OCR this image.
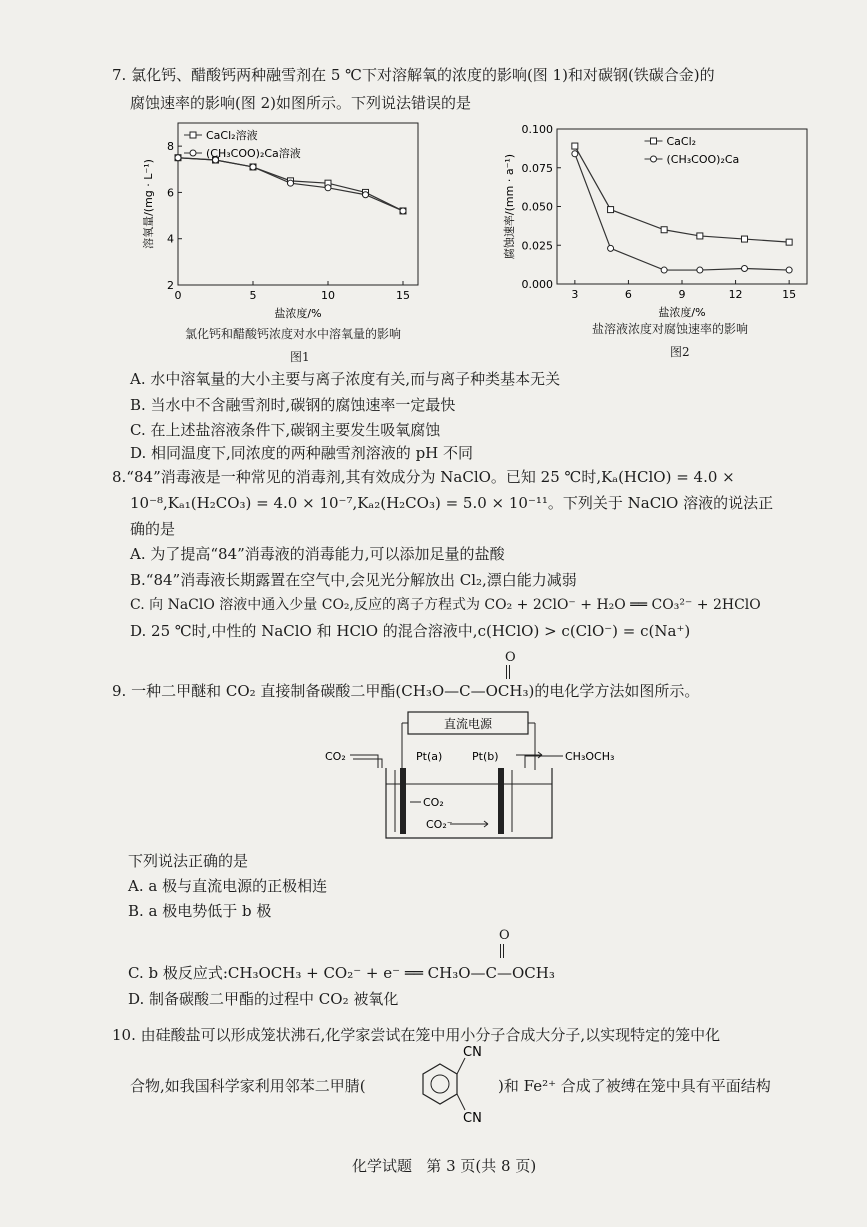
7. 氯化钙、醋酸钙两种融雪剂在 5 ℃下对溶解氧的浓度的影响(图 1)和对碳钢(铁碳合金)的
腐蚀速率的影响(图 2)如图所示。下列说法错误的是
0	5	10	15
2
4
6
8
盐浓度/%
溶氧量/(mg · L⁻¹)
CaCl₂溶液
(CH₃COO)₂Ca溶液
氯化钙和醋酸钙浓度对水中溶氧量的影响
图1
3	6	9	12	15
0.000
0.025
0.050
0.075
0.100
盐浓度/%
腐蚀速率/(mm · a⁻¹)
CaCl₂
(CH₃COO)₂Ca
盐溶液浓度对腐蚀速率的影响
图2
A. 水中溶氧量的大小主要与离子浓度有关,而与离子种类基本无关
B. 当水中不含融雪剂时,碳钢的腐蚀速率一定最快
C. 在上述盐溶液条件下,碳钢主要发生吸氧腐蚀
D. 相同温度下,同浓度的两种融雪剂溶液的 pH 不同
8.“84”消毒液是一种常见的消毒剂,其有效成分为 NaClO。已知 25 ℃时,Kₐ(HClO) = 4.0 ×
10⁻⁸,Kₐ₁(H₂CO₃) = 4.0 × 10⁻⁷,Kₐ₂(H₂CO₃) = 5.0 × 10⁻¹¹。下列关于 NaClO 溶液的说法正
确的是
A. 为了提高“84”消毒液的消毒能力,可以添加足量的盐酸
B.“84”消毒液长期露置在空气中,会见光分解放出 Cl₂,漂白能力减弱
C. 向 NaClO 溶液中通入少量 CO₂,反应的离子方程式为 CO₂ + 2ClO⁻ + H₂O ══ CO₃²⁻ + 2HClO
D. 25 ℃时,中性的 NaClO 和 HClO 的混合溶液中,c(HClO) > c(ClO⁻) = c(Na⁺)
O
9. 一种二甲醚和 CO₂ 直接制备碳酸二甲酯(CH₃O—C—OCH₃)的电化学方法如图所示。
直流电源
CO₂	Pt(a)	Pt(b)	CH₃OCH₃
CO₂
CO₂⁻
下列说法正确的是
A. a 极与直流电源的正极相连
B. a 极电势低于 b 极
O
C. b 极反应式:CH₃OCH₃ + CO₂⁻ + e⁻ ══ CH₃O—C—OCH₃
D. 制备碳酸二甲酯的过程中 CO₂ 被氧化
10. 由硅酸盐可以形成笼状沸石,化学家尝试在笼中用小分子合成大分子,以实现特定的笼中化
合物,如我国科学家利用邻苯二甲腈(
CN
CN
)和 Fe²⁺ 合成了被缚在笼中具有平面结构
化学试题   第 3 页(共 8 页)
